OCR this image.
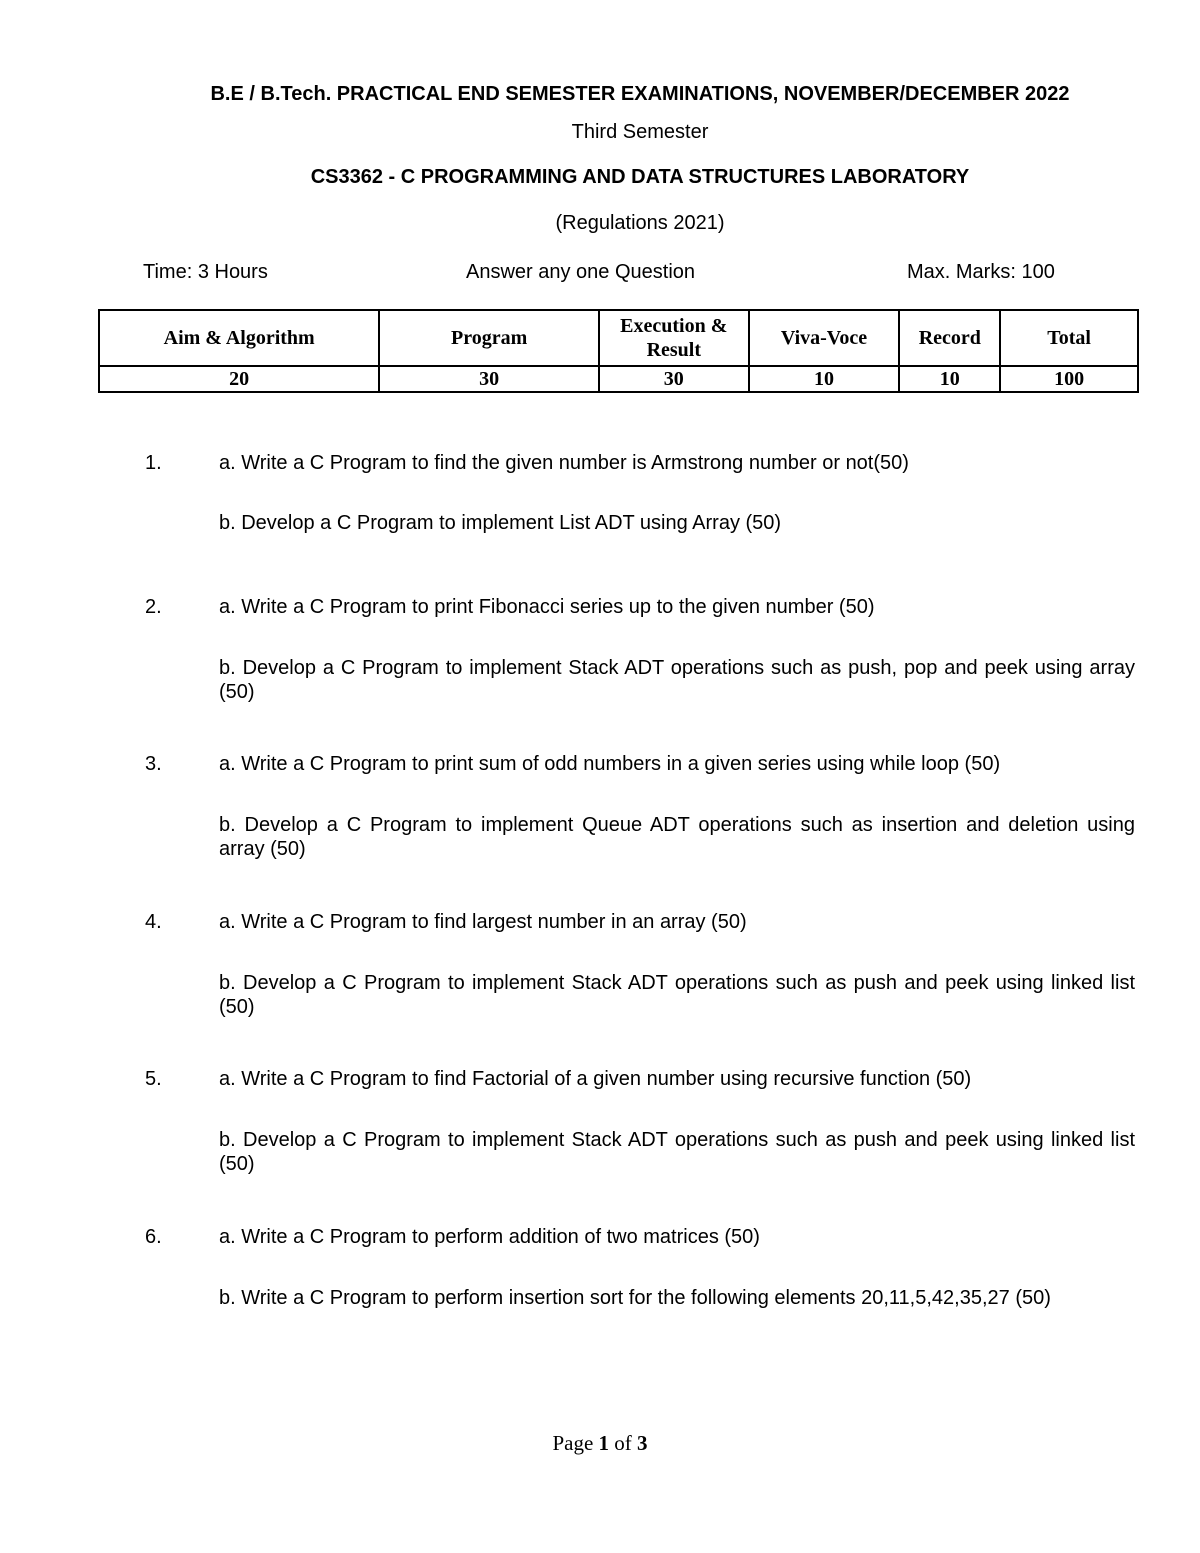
B.E / B.Tech. PRACTICAL END SEMESTER EXAMINATIONS, NOVEMBER/DECEMBER 2022
Third Semester
CS3362 - C PROGRAMMING AND DATA STRUCTURES LABORATORY
(Regulations 2021)
Time: 3 Hours	Answer any one Question	Max. Marks: 100
Aim & Algorithm	Program	Execution & Result	Viva-Voce	Record	Total
20	30	30	10	10	100
1.	a. Write a C Program to find the given number is Armstrong number or not(50)
b. Develop a C Program to implement List ADT using Array (50)
2.	a. Write a C Program to print Fibonacci series up to the given number (50)
b. Develop a C Program to implement Stack ADT operations such as push, pop and peek using array (50)
3.	a. Write a C Program to print sum of odd numbers in a given series using while loop (50)
b. Develop a C Program to implement Queue ADT operations such as insertion and deletion using array (50)
4.	a. Write a C Program to find largest number in an array (50)
b. Develop a C Program to implement Stack ADT operations such as push and peek using linked list (50)
5.	a. Write a C Program to find Factorial of a given number using recursive function (50)
b. Develop a C Program to implement Stack ADT operations such as push and peek using linked list (50)
6.	a. Write a C Program to perform addition of two matrices (50)
b. Write a C Program to perform insertion sort for the following elements 20,11,5,42,35,27 (50)
Page 1 of 3
